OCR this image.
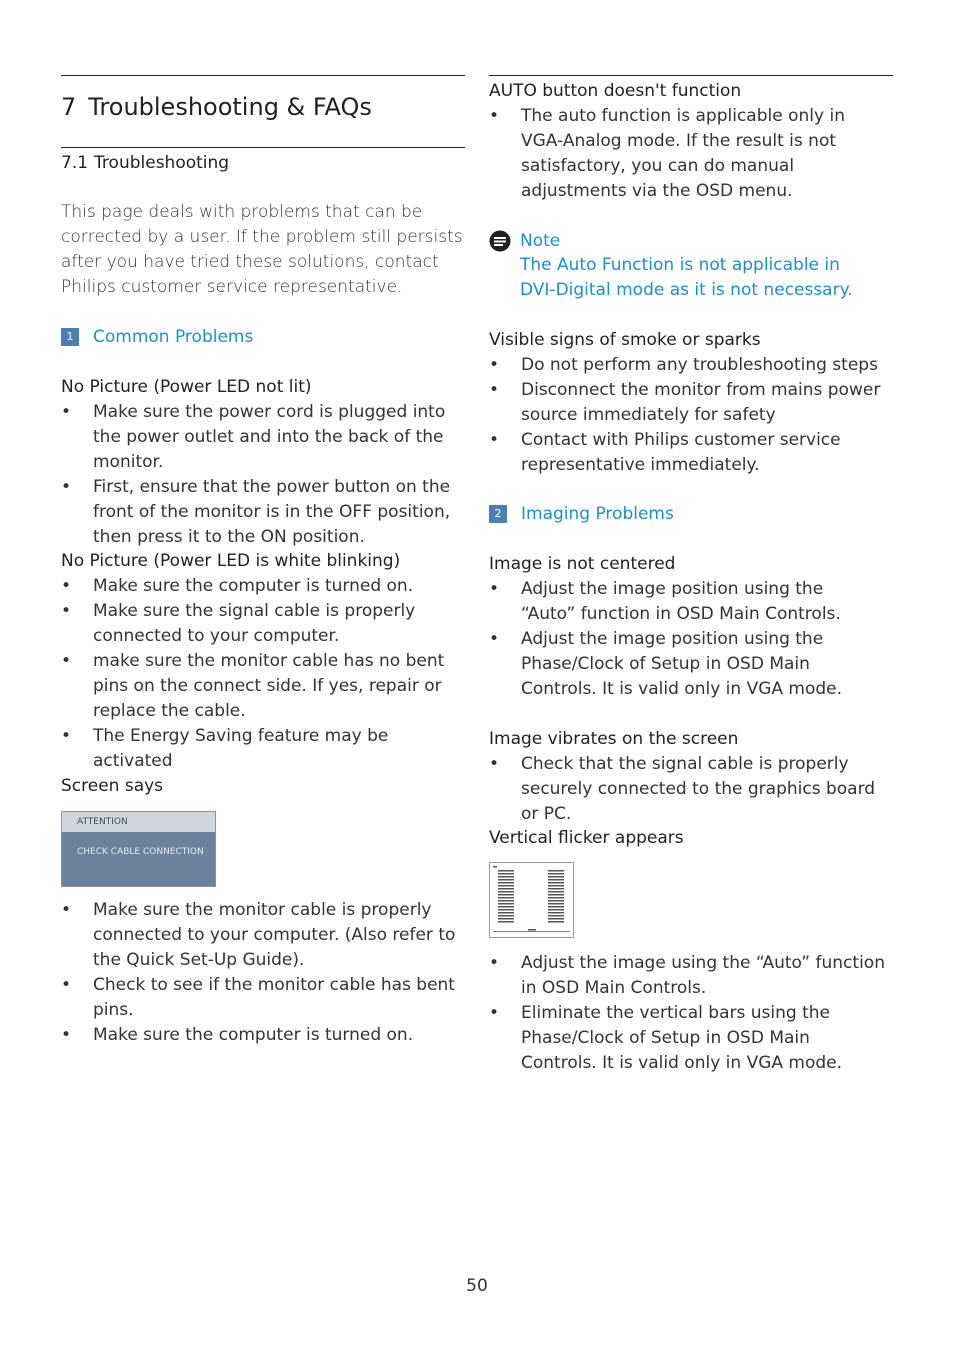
7 Troubleshooting & FAQs
7.1 Troubleshooting

This page deals with problems that can be corrected by a user. If the problem still persists after you have tried these solutions, contact Philips customer service representative.

1	Common Problems
No Picture (Power LED not lit)
• Make sure the power cord is plugged into the power outlet and into the back of the monitor.
• First, ensure that the power button on the front of the monitor is in the OFF position, then press it to the ON position.
No Picture (Power LED is white blinking)
• Make sure the computer is turned on.
• Make sure the signal cable is properly connected to your computer.
• make sure the monitor cable has no bent pins on the connect side. If yes, repair or replace the cable.
• The Energy Saving feature may be activated
Screen says
ATTENTION
CHECK CABLE CONNECTION
• Make sure the monitor cable is properly connected to your computer. (Also refer to the Quick Set-Up Guide).
• Check to see if the monitor cable has bent pins.
• Make sure the computer is turned on.
AUTO button doesn't function
• The auto function is applicable only in VGA-Analog mode. If the result is not satisfactory, you can do manual adjustments via the OSD menu.
Note
The Auto Function is not applicable in DVI-Digital mode as it is not necessary.
Visible signs of smoke or sparks
• Do not perform any troubleshooting steps
• Disconnect the monitor from mains power source immediately for safety
• Contact with Philips customer service representative immediately.
2	Imaging Problems
Image is not centered
• Adjust the image position using the “Auto” function in OSD Main Controls.
• Adjust the image position using the Phase/Clock of Setup in OSD Main Controls. It is valid only in VGA mode.
Image vibrates on the screen
• Check that the signal cable is properly securely connected to the graphics board or PC.
Vertical flicker appears
• Adjust the image using the “Auto” function in OSD Main Controls.
• Eliminate the vertical bars using the Phase/Clock of Setup in OSD Main Controls. It is valid only in VGA mode.
50
